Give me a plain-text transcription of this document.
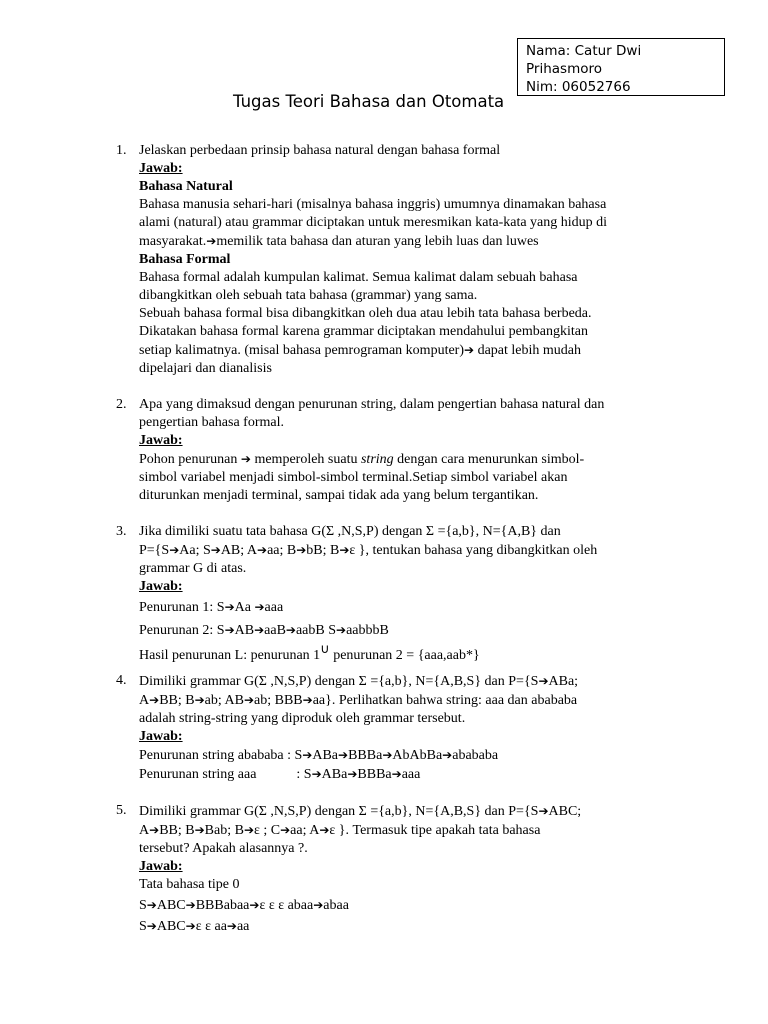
Nama: Catur Dwi
Prihasmoro
Nim: 06052766
Tugas Teori Bahasa dan Otomata
1. Jelaskan perbedaan prinsip bahasa natural dengan bahasa formal
Jawab:
Bahasa Natural
Bahasa manusia sehari-hari (misalnya bahasa inggris) umumnya dinamakan bahasa
alami (natural) atau grammar diciptakan untuk meresmikan kata-kata yang hidup di
masyarakat.➔memilik tata bahasa dan aturan yang lebih luas dan luwes
Bahasa Formal
Bahasa formal adalah kumpulan kalimat. Semua kalimat dalam sebuah bahasa
dibangkitkan oleh sebuah tata bahasa (grammar) yang sama.
Sebuah bahasa formal bisa dibangkitkan oleh dua atau lebih tata bahasa berbeda.
Dikatakan bahasa formal karena grammar diciptakan mendahului pembangkitan
setiap kalimatnya. (misal bahasa pemrograman komputer)➔ dapat lebih mudah
dipelajari dan dianalisis
2. Apa yang dimaksud dengan penurunan string, dalam pengertian bahasa natural dan
pengertian bahasa formal.
Jawab:
Pohon penurunan ➔ memperoleh suatu string dengan cara menurunkan simbol-
simbol variabel menjadi simbol-simbol terminal.Setiap simbol variabel akan
diturunkan menjadi terminal, sampai tidak ada yang belum tergantikan.
3. Jika dimiliki suatu tata bahasa G(Σ ,N,S,P) dengan Σ ={a,b}, N={A,B} dan
P={S➔Aa; S➔AB; A➔aa; B➔bB; B➔ε }, tentukan bahasa yang dibangkitkan oleh
grammar G di atas.
Jawab:
Penurunan 1: S➔Aa ➔aaa
Penurunan 2: S➔AB➔aaB➔aabB S➔aabbbB
Hasil penurunan L: penurunan 1∪ penurunan 2 = {aaa,aab*}
4. Dimiliki grammar G(Σ ,N,S,P) dengan Σ ={a,b}, N={A,B,S} dan P={S➔ABa;
A➔BB; B➔ab; AB➔ab; BBB➔aa}. Perlihatkan bahwa string: aaa dan abababa
adalah string-string yang diproduk oleh grammar tersebut.
Jawab:
Penurunan string abababa : S➔ABa➔BBBa➔AbAbBa➔abababa
Penurunan string aaa	: S➔ABa➔BBBa➔aaa
5. Dimiliki grammar G(Σ ,N,S,P) dengan Σ ={a,b}, N={A,B,S} dan P={S➔ABC;
A➔BB; B➔Bab; B➔ε ; C➔aa; A➔ε }. Termasuk tipe apakah tata bahasa
tersebut? Apakah alasannya ?.
Jawab:
Tata bahasa tipe 0
S➔ABC➔BBBabaa➔ε ε ε abaa➔abaa
S➔ABC➔ε ε aa➔aa
